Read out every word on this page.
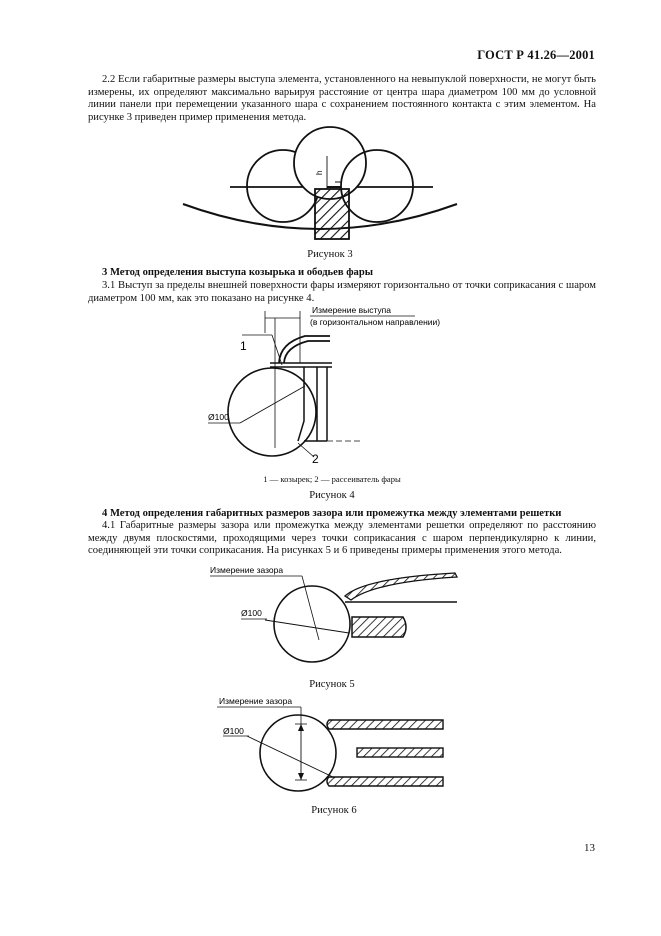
ГОСТ Р 41.26—2001
2.2 Если габаритные размеры выступа элемента, установленного на невыпуклой поверхности, не могут быть измерены, их определяют максимально варьируя расстояние от центра шара диаметром 100 мм до условной линии панели при перемещении указанного шара с сохранением постоянного контакта с этим элементом. На рисунке 3 приведен пример применения метода.
h
Рисунок 3
3 Метод определения выступа козырька и ободьев фары
3.1 Выступ за пределы внешней поверхности фары измеряют горизонтально от точки соприкасания с шаром диаметром 100 мм, как это показано на рисунке 4.
Измерение выступа
(в горизонтальном направлении)
Ø100
1
2
1 — козырек; 2 — рассеиватель фары
Рисунок 4
4 Метод определения габаритных размеров зазора или промежутка между элементами решетки
4.1 Габаритные размеры зазора или промежутка между элементами решетки определяют по расстоянию между двумя плоскостями, проходящими через точки соприкасания с шаром перпендикулярно к линии, соединяющей эти точки соприкасания. На рисунках 5 и 6 приведены примеры применения этого метода.
Измерение зазора
Ø100
Рисунок 5
Измерение зазора
Ø100
Рисунок 6
13
